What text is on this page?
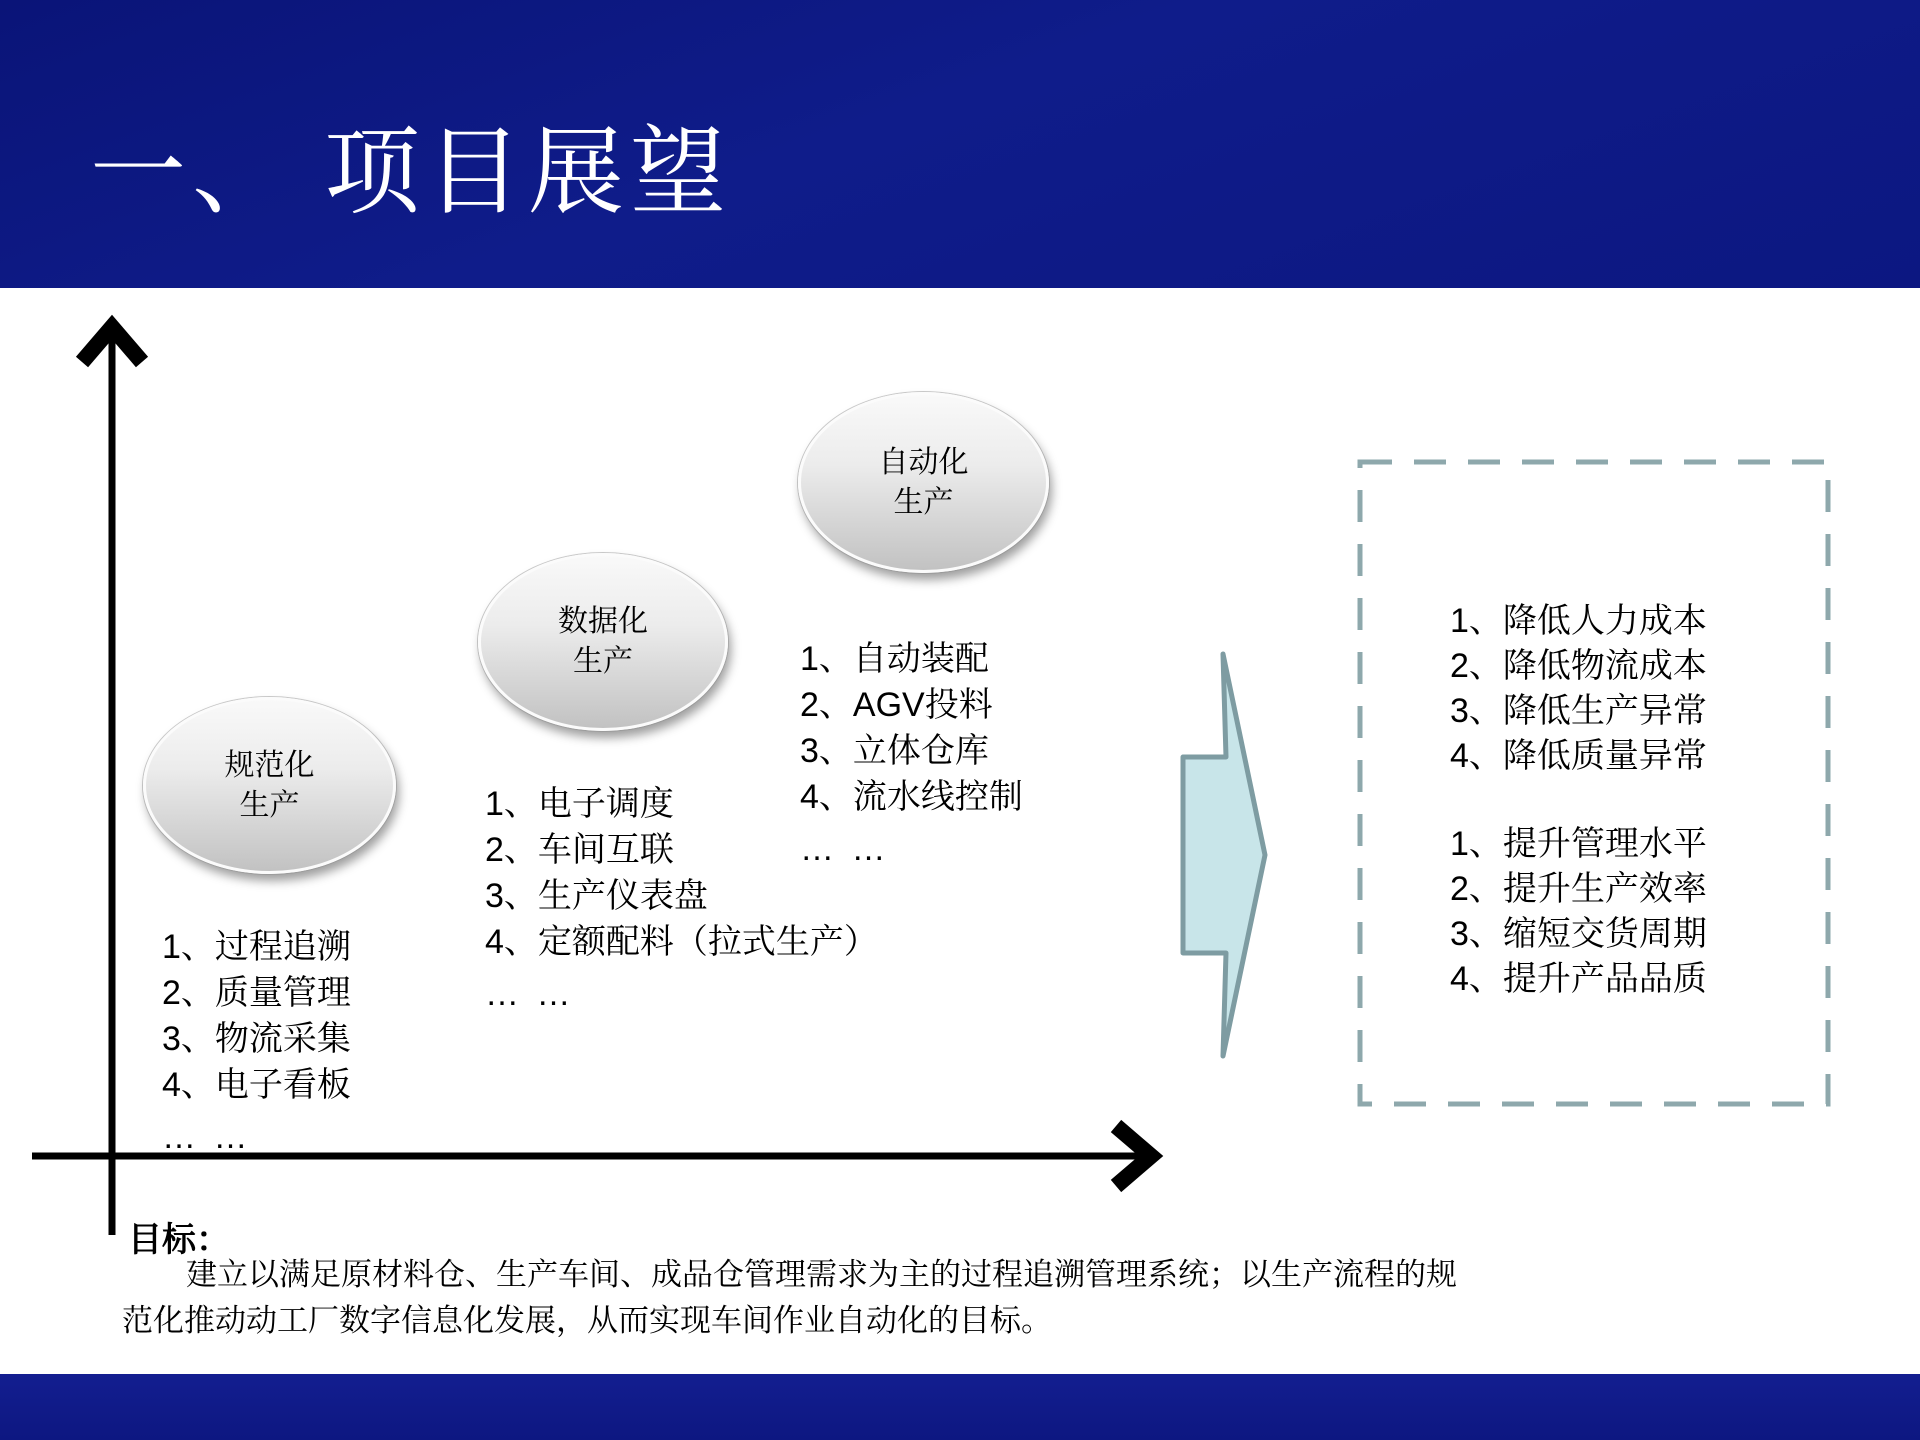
一、 项目展望
规范化
生产
数据化
生产
自动化
生产
1、过程追溯
2、质量管理
3、物流采集
4、电子看板
… …
1、电子调度
2、车间互联
3、生产仪表盘
4、定额配料（拉式生产）
… …
1、自动装配
2、AGV投料
3、立体仓库
4、流水线控制
… …
1、降低人力成本
2、降低物流成本
3、降低生产异常
4、降低质量异常
1、提升管理水平
2、提升生产效率
3、缩短交货周期
4、提升产品品质
目标：
建立以满足原材料仓、生产车间、成品仓管理需求为主的过程追溯管理系统；以生产流程的规范化推动动工厂数字信息化发展，从而实现车间作业自动化的目标。
